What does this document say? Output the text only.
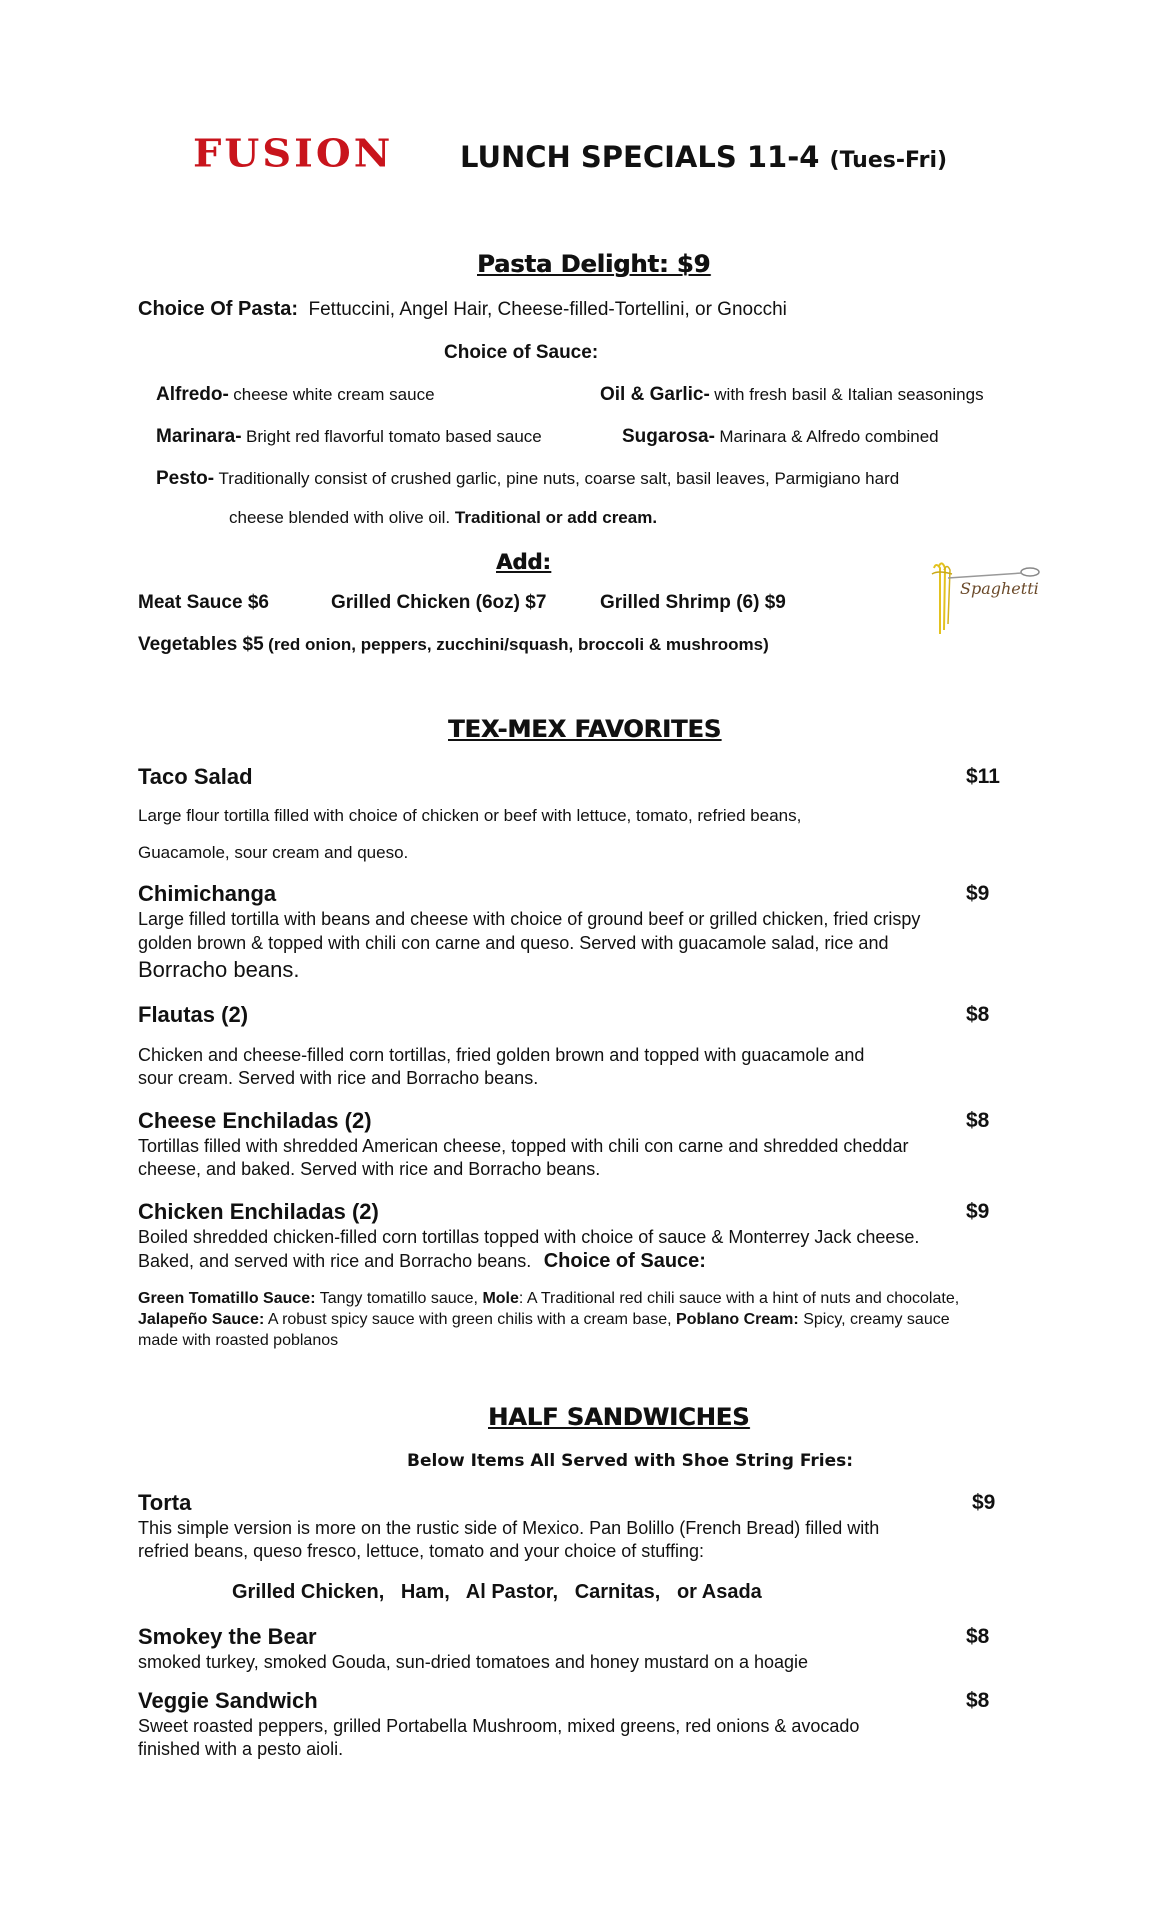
FUSION LUNCH SPECIALS 11-4 (Tues-Fri)
Pasta Delight: $9
Choice Of Pasta: Fettuccini, Angel Hair, Cheese-filled-Tortellini, or Gnocchi
Choice of Sauce:
Alfredo- cheese white cream sauce	Oil & Garlic- with fresh basil & Italian seasonings
Marinara- Bright red flavorful tomato based sauce	Sugarosa- Marinara & Alfredo combined
Pesto- Traditionally consist of crushed garlic, pine nuts, coarse salt, basil leaves, Parmigiano hard
cheese blended with olive oil. Traditional or add cream.
Add:
Meat Sauce $6	Grilled Chicken (6oz) $7	Grilled Shrimp (6) $9
Vegetables $5 (red onion, peppers, zucchini/squash, broccoli & mushrooms)
Spaghetti
TEX-MEX FAVORITES
Taco Salad	$11
Large flour tortilla filled with choice of chicken or beef with lettuce, tomato, refried beans,
Guacamole, sour cream and queso.
Chimichanga	$9
Large filled tortilla with beans and cheese with choice of ground beef or grilled chicken, fried crispy
golden brown & topped with chili con carne and queso. Served with guacamole salad, rice and
Borracho beans.
Flautas (2)	$8
Chicken and cheese-filled corn tortillas, fried golden brown and topped with guacamole and
sour cream. Served with rice and Borracho beans.
Cheese Enchiladas (2)	$8
Tortillas filled with shredded American cheese, topped with chili con carne and shredded cheddar
cheese, and baked. Served with rice and Borracho beans.
Chicken Enchiladas (2)	$9
Boiled shredded chicken-filled corn tortillas topped with choice of sauce & Monterrey Jack cheese.
Baked, and served with rice and Borracho beans. Choice of Sauce:
Green Tomatillo Sauce: Tangy tomatillo sauce, Mole: A Traditional red chili sauce with a hint of nuts and chocolate,
Jalapeño Sauce: A robust spicy sauce with green chilis with a cream base, Poblano Cream: Spicy, creamy sauce
made with roasted poblanos
HALF SANDWICHES
Below Items All Served with Shoe String Fries:
Torta	$9
This simple version is more on the rustic side of Mexico. Pan Bolillo (French Bread) filled with
refried beans, queso fresco, lettuce, tomato and your choice of stuffing:
Grilled Chicken,   Ham,   Al Pastor,   Carnitas,   or Asada
Smokey the Bear	$8
smoked turkey, smoked Gouda, sun-dried tomatoes and honey mustard on a hoagie
Veggie Sandwich	$8
Sweet roasted peppers, grilled Portabella Mushroom, mixed greens, red onions & avocado
finished with a pesto aioli.
